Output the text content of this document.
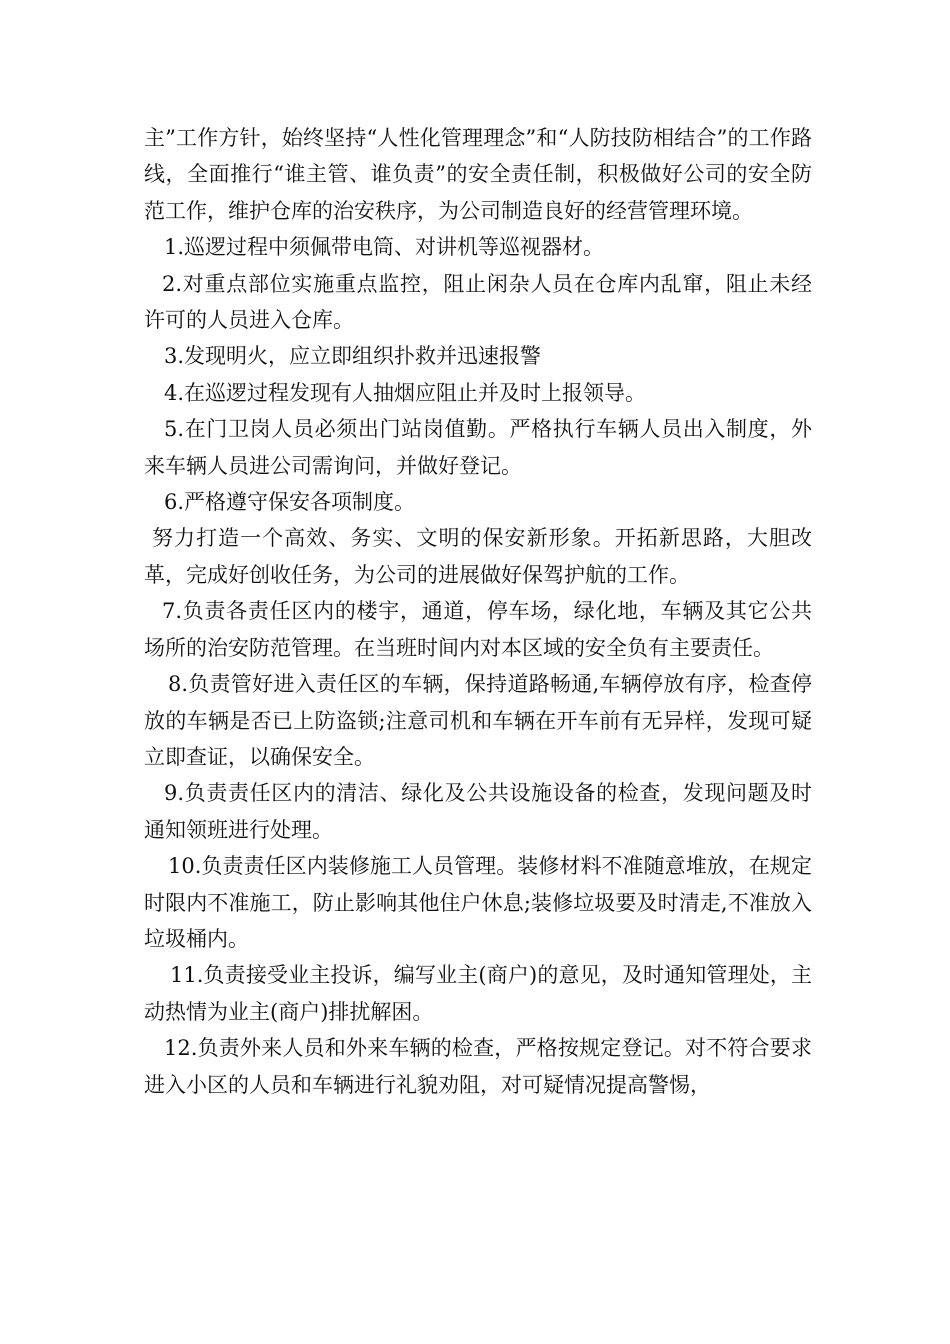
主”工作方针，始终坚持“人性化管理理念”和“人防技防相结合”的工作路线，全面推行“谁主管、谁负责”的安全责任制，积极做好公司的安全防范工作，维护仓库的治安秩序，为公司制造良好的经营管理环境。

1.巡逻过程中须佩带电筒、对讲机等巡视器材。

2.对重点部位实施重点监控，阻止闲杂人员在仓库内乱窜，阻止未经许可的人员进入仓库。

3.发现明火，应立即组织扑救并迅速报警

4.在巡逻过程发现有人抽烟应阻止并及时上报领导。

5.在门卫岗人员必须出门站岗值勤。严格执行车辆人员出入制度，外来车辆人员进公司需询问，并做好登记。

6.严格遵守保安各项制度。

努力打造一个高效、务实、文明的保安新形象。开拓新思路，大胆改革，完成好创收任务，为公司的进展做好保驾护航的工作。

7.负责各责任区内的楼宇，通道，停车场，绿化地，车辆及其它公共场所的治安防范管理。在当班时间内对本区域的安全负有主要责任。

8.负责管好进入责任区的车辆，保持道路畅通,车辆停放有序，检查停放的车辆是否已上防盗锁;注意司机和车辆在开车前有无异样，发现可疑立即查证，以确保安全。

9.负责责任区内的清洁、绿化及公共设施设备的检查，发现问题及时通知领班进行处理。

10.负责责任区内装修施工人员管理。装修材料不准随意堆放，在规定时限内不准施工，防止影响其他住户休息;装修垃圾要及时清走,不准放入垃圾桶内。

11.负责接受业主投诉，编写业主(商户)的意见，及时通知管理处，主动热情为业主(商户)排扰解困。

12.负责外来人员和外来车辆的检查，严格按规定登记。对不符合要求进入小区的人员和车辆进行礼貌劝阻，对可疑情况提高警惕，
